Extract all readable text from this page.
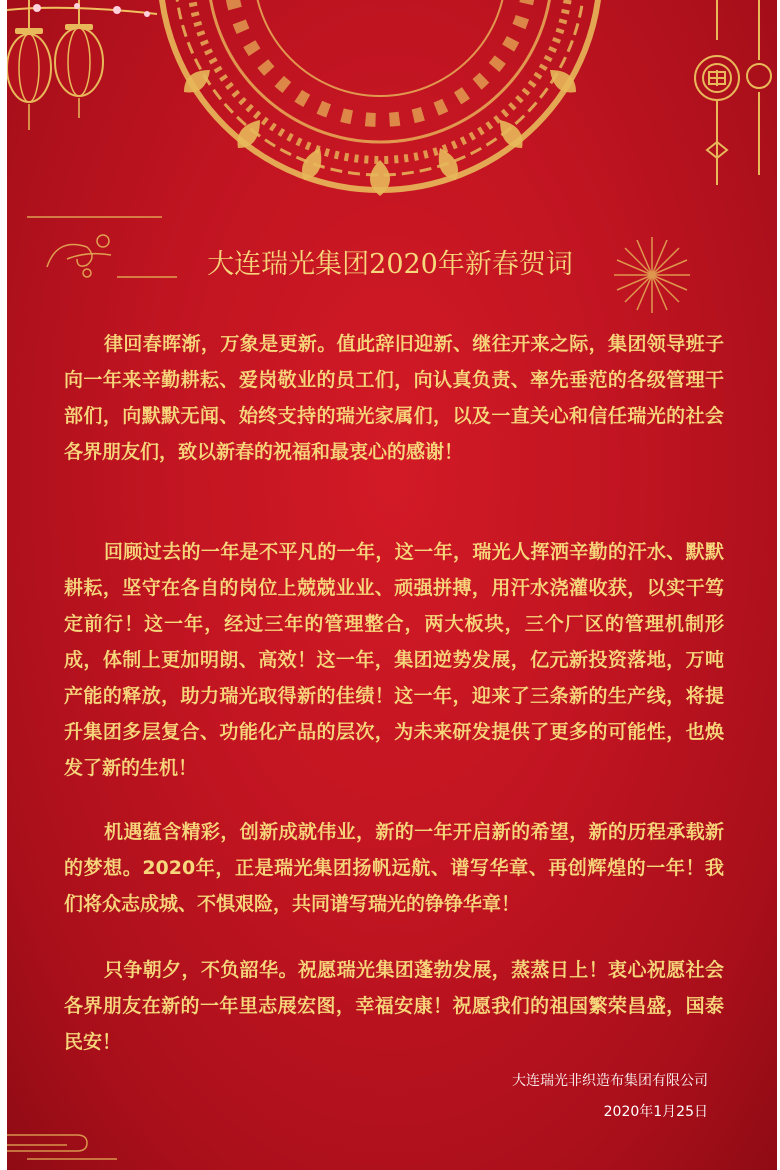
大连瑞光集团2020年新春贺词

律回春晖渐，万象是更新。值此辞旧迎新、继往开来之际，集团领导班子向一年来辛勤耕耘、爱岗敬业的员工们，向认真负责、率先垂范的各级管理干部们，向默默无闻、始终支持的瑞光家属们，以及一直关心和信任瑞光的社会各界朋友们，致以新春的祝福和最衷心的感谢！

回顾过去的一年是不平凡的一年，这一年，瑞光人挥洒辛勤的汗水、默默耕耘，坚守在各自的岗位上兢兢业业、顽强拼搏，用汗水浇灌收获，以实干笃定前行！这一年，经过三年的管理整合，两大板块，三个厂区的管理机制形成，体制上更加明朗、高效！这一年，集团逆势发展，亿元新投资落地，万吨产能的释放，助力瑞光取得新的佳绩！这一年，迎来了三条新的生产线，将提升集团多层复合、功能化产品的层次，为未来研发提供了更多的可能性，也焕发了新的生机！

机遇蕴含精彩，创新成就伟业，新的一年开启新的希望，新的历程承载新的梦想。2020年，正是瑞光集团扬帆远航、谱写华章、再创辉煌的一年！我们将众志成城、不惧艰险，共同谱写瑞光的铮铮华章！

只争朝夕，不负韶华。祝愿瑞光集团蓬勃发展，蒸蒸日上！衷心祝愿社会各界朋友在新的一年里志展宏图，幸福安康！祝愿我们的祖国繁荣昌盛，国泰民安！

大连瑞光非织造布集团有限公司
2020年1月25日
